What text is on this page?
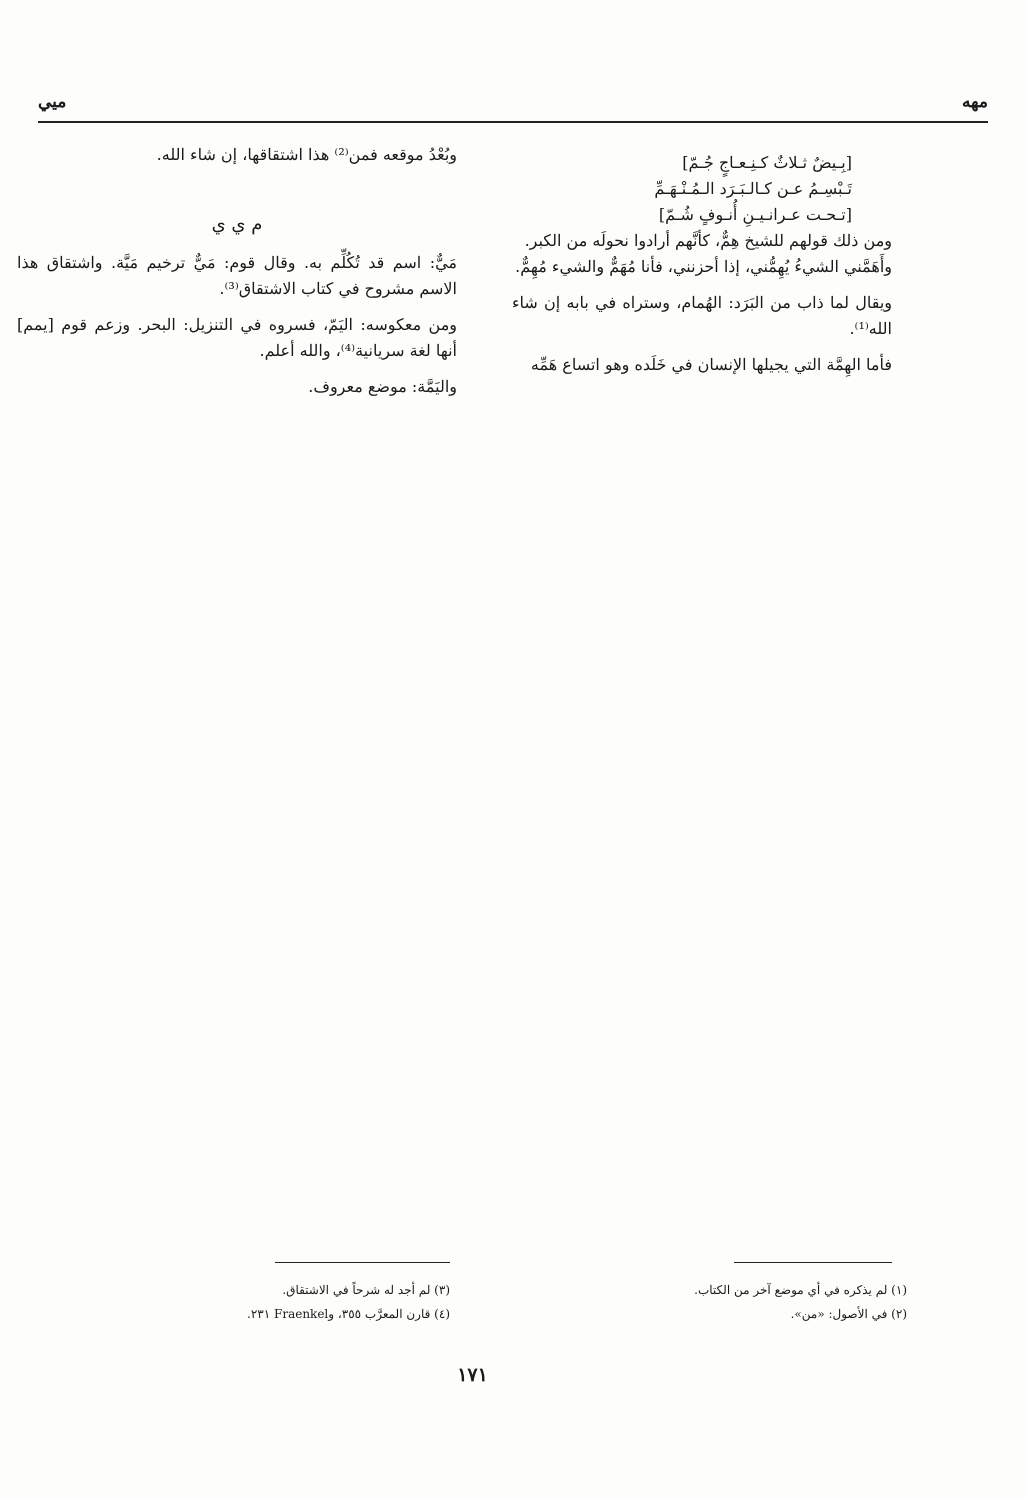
مهه
ميي
[بِـيضٌ ثـلاثٌ كـنِـعـاجٍ جُـمّ]
تَـبْسِـمُ عـن كـالـبَـرَد الـمُـنْـهَـمِّ
[تـحـت عـرانـيـنِ أُنـوفٍ شُـمّ]

ومن ذلك قولهم للشيخ هِمٌّ، كأنَّهم أرادوا نحولَه من الكبر.

وأَهَمَّني الشيءُ يُهِمُّني، إذا أحزنني، فأنا مُهَمٌّ والشيء مُهِمٌّ.

ويقال لما ذاب من البَرَد: الهُمام، وستراه في بابه إن شاء الله⁽¹⁾.

فأما الهِمَّة التي يجيلها الإنسان في خَلَده وهو اتساع هَمِّه

وبُعْدُ موقعه فمن⁽²⁾ هذا اشتقاقها، إن شاء الله.

م ي ي

مَيٌّ: اسم قد تُكُلِّم به. وقال قوم: مَيٌّ ترخيم مَيَّة. واشتقاق هذا الاسم مشروح في كتاب الاشتقاق⁽³⁾.

ومن معكوسه: اليَمّ، فسروه في التنزيل: البحر. وزعم قوم [يمم] أنها لغة سريانية⁽⁴⁾، والله أعلم.

واليَمَّة: موضع معروف.

(١) لم يذكره في أي موضع آخر من الكتاب.
(٢) في الأصول: «من».
(٣) لم أجد له شرحاً في الاشتقاق.
(٤) قارن المعرَّب ٣٥٥، وFraenkel ٢٣١.
١٧١
